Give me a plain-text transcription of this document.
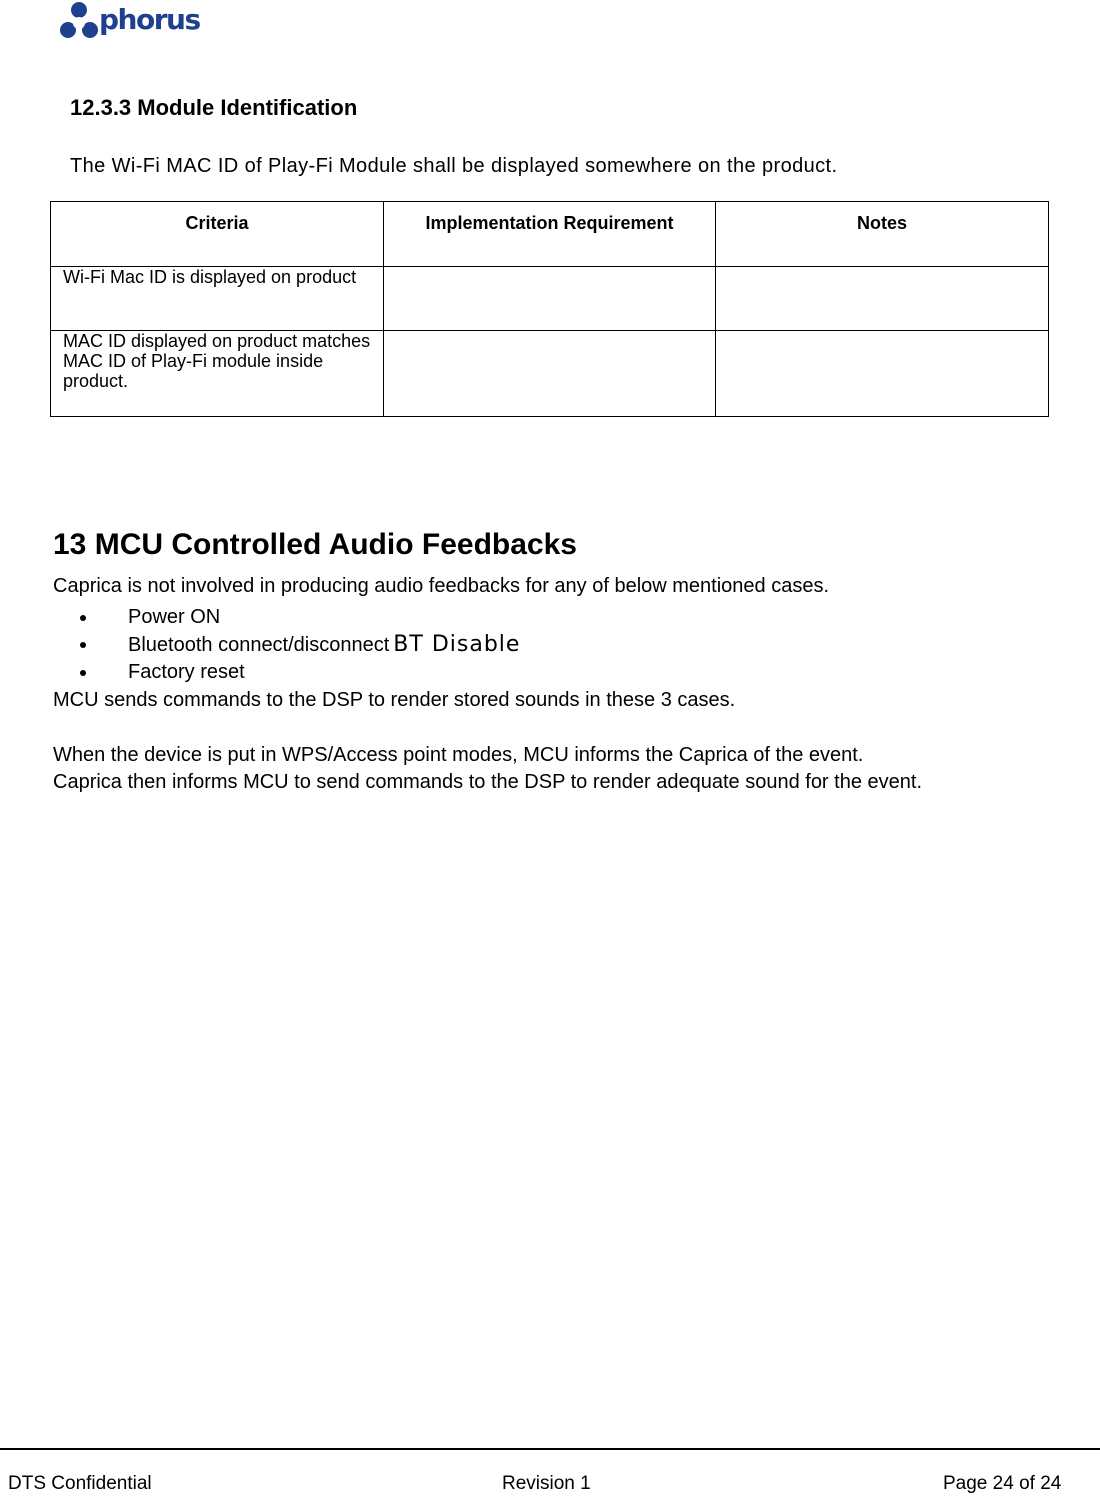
phorus
12.3.3 Module Identification
The Wi-Fi MAC ID of Play-Fi Module shall be displayed somewhere on the product.
Criteria	Implementation Requirement	Notes

Wi-Fi Mac ID is displayed on product		

MAC ID displayed on product matches MAC ID of Play-Fi module inside product.		

13 MCU Controlled Audio Feedbacks
Caprica is not involved in producing audio feedbacks for any of below mentioned cases.
Power ON
Bluetooth connect/disconnect BT Disable
Factory reset
MCU sends commands to the DSP to render stored sounds in these 3 cases.
When the device is put in WPS/Access point modes, MCU informs the Caprica of the event.
Caprica then informs MCU to send commands to the DSP to render adequate sound for the event.
DTS Confidential	Revision 1	Page 24 of 24
